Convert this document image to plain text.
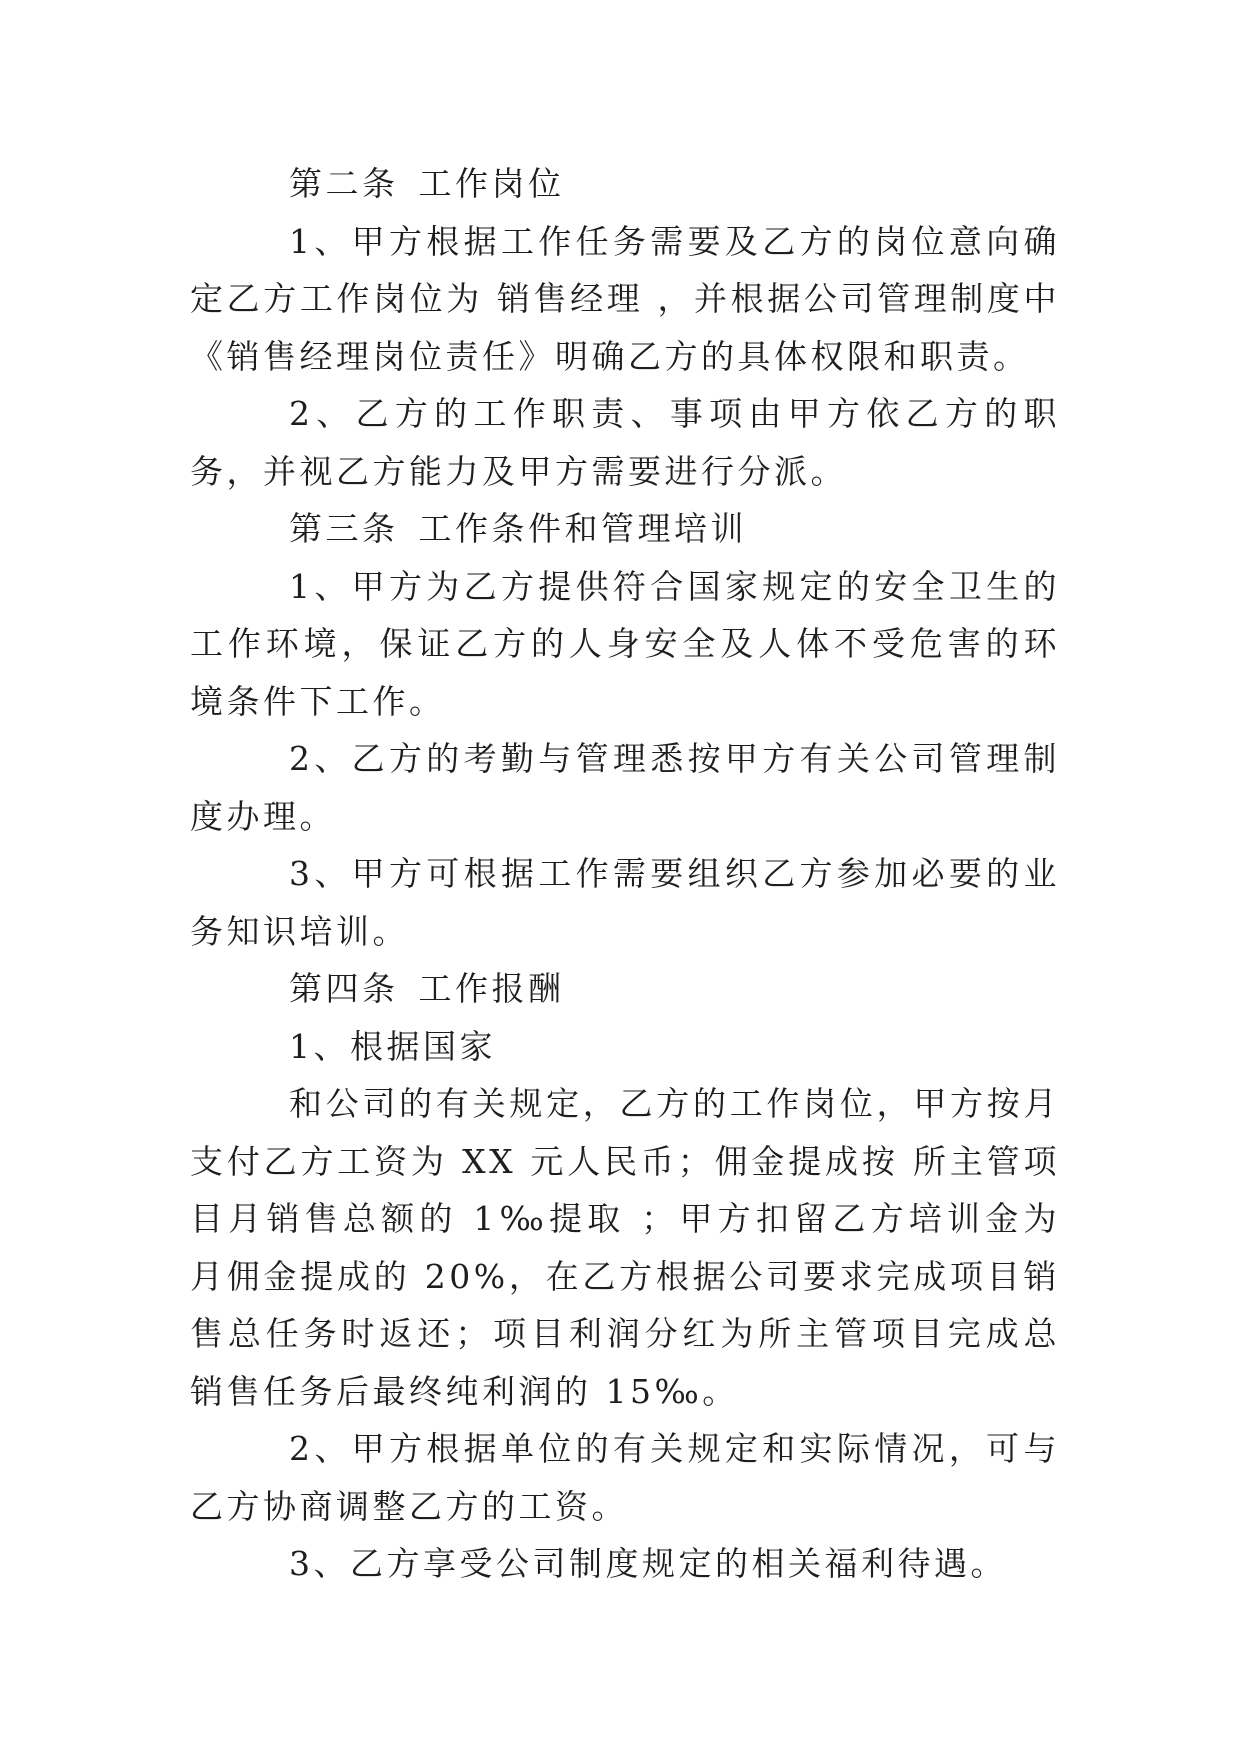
第二条 工作岗位

1、甲方根据工作任务需要及乙方的岗位意向确定乙方工作岗位为 销售经理 ，并根据公司管理制度中《销售经理岗位责任》明确乙方的具体权限和职责。

2、乙方的工作职责、事项由甲方依乙方的职务，并视乙方能力及甲方需要进行分派。

第三条 工作条件和管理培训

1、甲方为乙方提供符合国家规定的安全卫生的工作环境，保证乙方的人身安全及人体不受危害的环境条件下工作。

2、乙方的考勤与管理悉按甲方有关公司管理制度办理。

3、甲方可根据工作需要组织乙方参加必要的业务知识培训。

第四条 工作报酬

1、根据国家

和公司的有关规定，乙方的工作岗位，甲方按月支付乙方工资为 XX 元人民币；佣金提成按 所主管项目月销售总额的 1‰提取 ；甲方扣留乙方培训金为 月佣金提成的 20%，在乙方根据公司要求完成项目销售总任务时返还；项目利润分红为所主管项目完成总销售任务后最终纯利润的 15‰。

2、甲方根据单位的有关规定和实际情况，可与乙方协商调整乙方的工资。

3、乙方享受公司制度规定的相关福利待遇。
